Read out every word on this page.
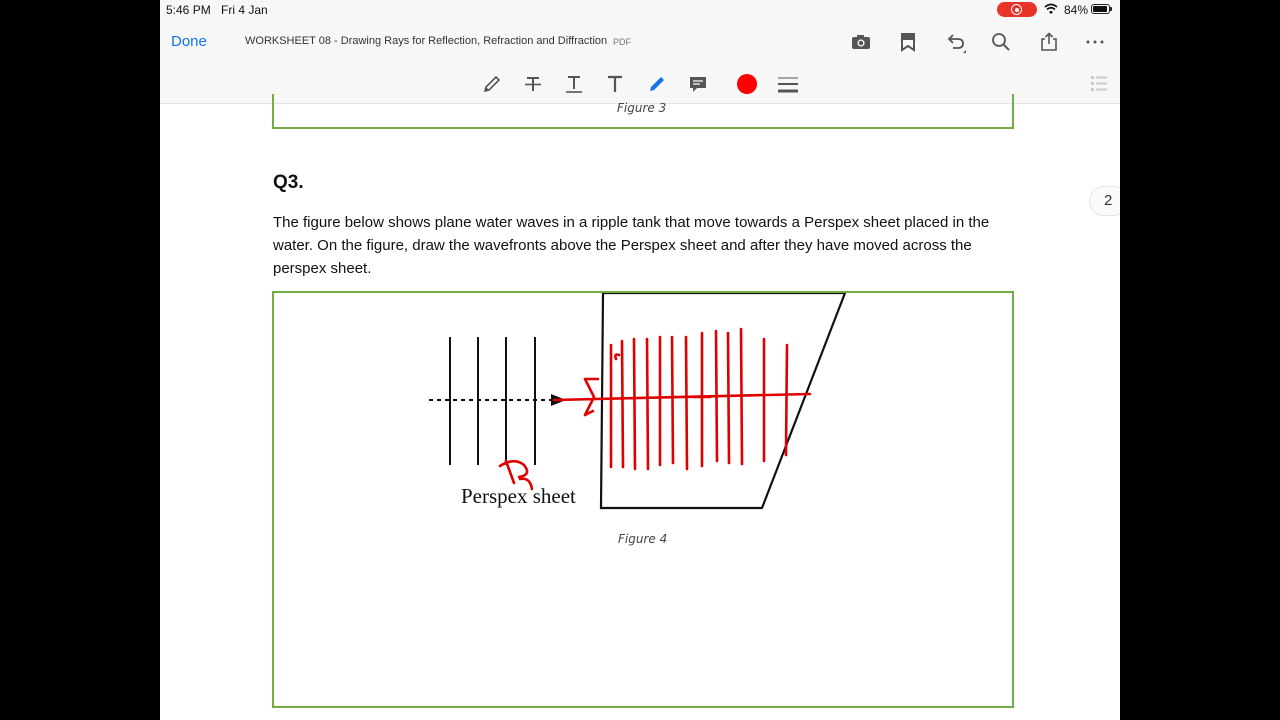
5:46 PM Fri 4 Jan	84%
Done	WORKSHEET 08 - Drawing Rays for Reflection, Refraction and Diffraction PDF
Figure 3
Q3.
The figure below shows plane water waves in a ripple tank that move towards a Perspex sheet placed in the water. On the figure, draw the wavefronts above the Perspex sheet and after they have moved across the perspex sheet.
Perspex sheet
Figure 4
2
